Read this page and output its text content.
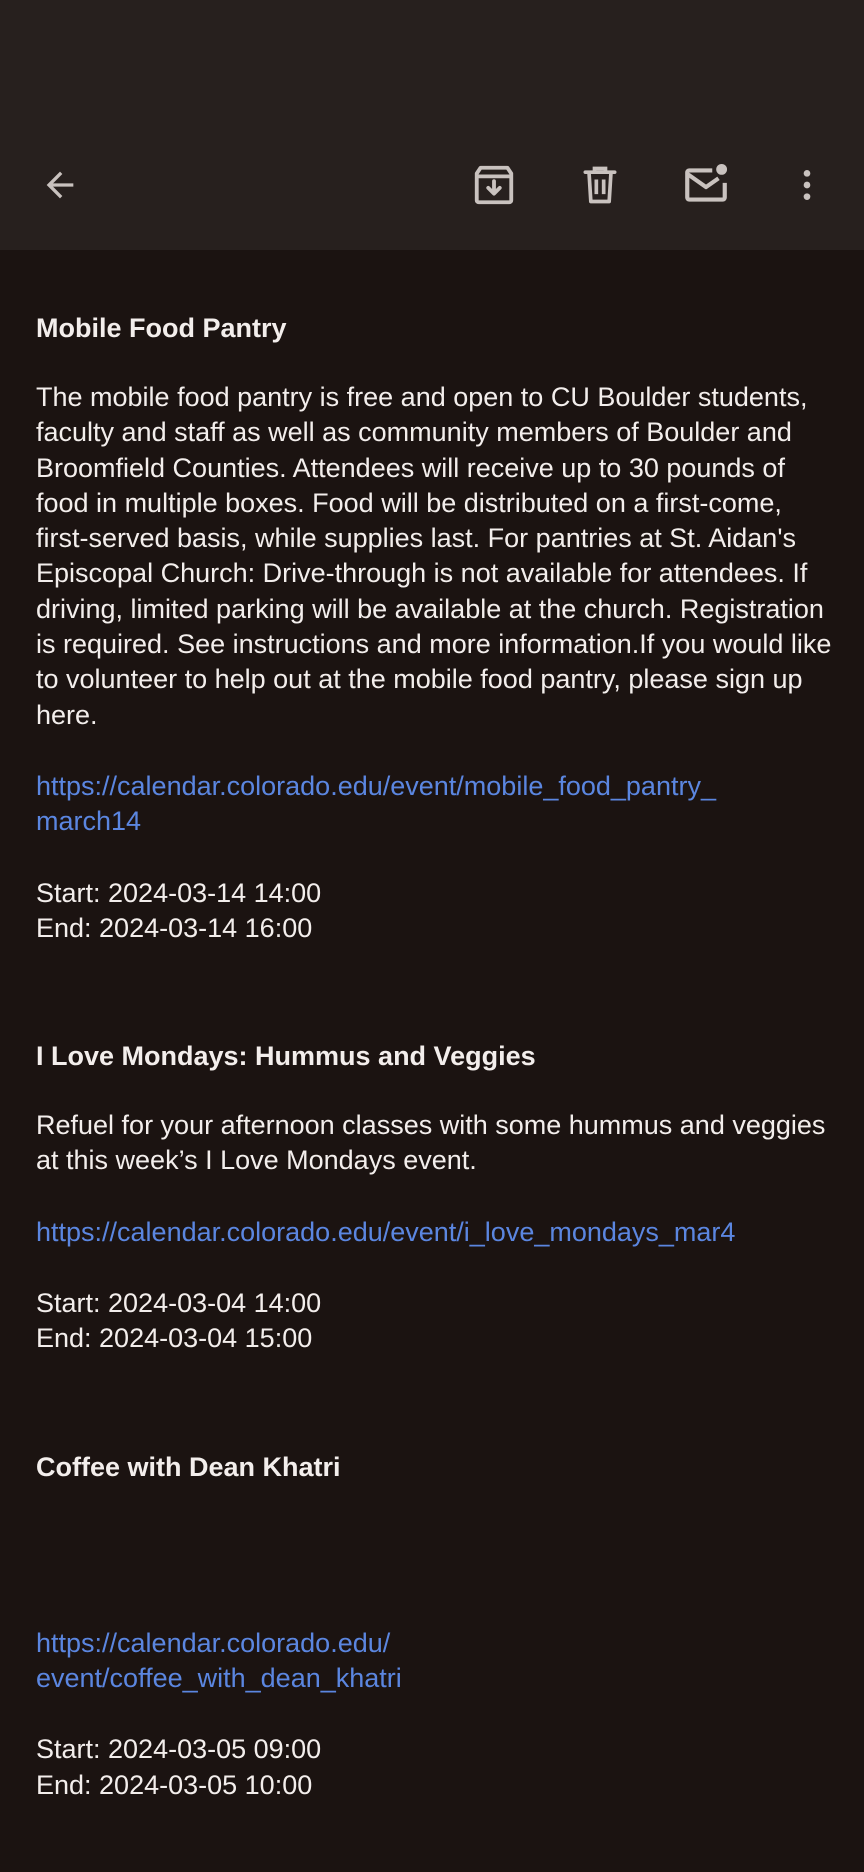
Mobile Food Pantry
The mobile food pantry is free and open to CU Boulder students, faculty and staff as well as community members of Boulder and Broomfield Counties. Attendees will receive up to 30 pounds of food in multiple boxes. Food will be distributed on a first-come, first-served basis, while supplies last. For pantries at St. Aidan's Episcopal Church: Drive-through is not available for attendees. If driving, limited parking will be available at the church. Registration is required. See instructions and more information.If you would like to volunteer to help out at the mobile food pantry, please sign up here.
https://calendar.colorado.edu/event/mobile_food_pantry_
march14
Start: 2024-03-14 14:00
End: 2024-03-14 16:00
I Love Mondays: Hummus and Veggies
Refuel for your afternoon classes with some hummus and veggies at this week’s I Love Mondays event.
https://calendar.colorado.edu/event/i_love_mondays_mar4
Start: 2024-03-04 14:00
End: 2024-03-04 15:00
Coffee with Dean Khatri
https://calendar.colorado.edu/
event/coffee_with_dean_khatri
Start: 2024-03-05 09:00
End: 2024-03-05 10:00
